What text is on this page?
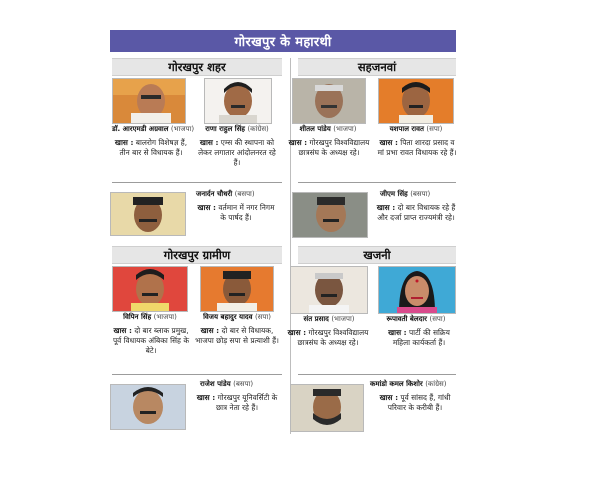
गोरखपुर के महारथी
गोरखपुर शहर	सहजनवां
गोरखपुर ग्रामीण	खजनी
डॉ. आरएमडी अग्रवाल (भाजपा)
खास : बालरोग विशेषज्ञ हैं, तीन बार से विधायक हैं।
राणा राहुल सिंह (कांग्रेस)
खास : एम्स की स्थापना को लेकर लगातार आंदोलनरत रहे हैं।
जनार्दन चौधरी (बसपा)
खास : वर्तमान में नगर निगम के पार्षद हैं।
शीतल पांडेय (भाजपा)
खास : गोरखपुर विश्वविद्यालय छात्रसंघ के अध्यक्ष रहे।
यशपाल रावत (सपा)
खास : पिता शारदा प्रसाद व मां प्रभा रावत विधायक रहे हैं।
जीएम सिंह (बसपा)
खास : दो बार विधायक रहे हैं और दर्जा प्राप्त राज्यमंत्री रहे।
विपिन सिंह (भाजपा)
खास : दो बार ब्लाक प्रमुख, पूर्व विधायक अंबिका सिंह के बेटे।
विजय बहादुर यादव (सपा)
खास : दो बार से विधायक, भाजपा छोड़ सपा से प्रत्याशी हैं।
राजेश पांडेय (बसपा)
खास : गोरखपुर यूनिवर्सिटी के छात्र नेता रहे हैं।
संत प्रसाद (भाजपा)
खास : गोरखपुर विश्वविद्यालय छात्रसंघ के अध्यक्ष रहे।
रूपावती बेलदार (सपा)
खास : पार्टी की सक्रिय महिला कार्यकर्ता हैं।
कमांडो कमल किशोर (कांग्रेस)
खास : पूर्व सांसद हैं, गांधी परिवार के करीबी हैं।
